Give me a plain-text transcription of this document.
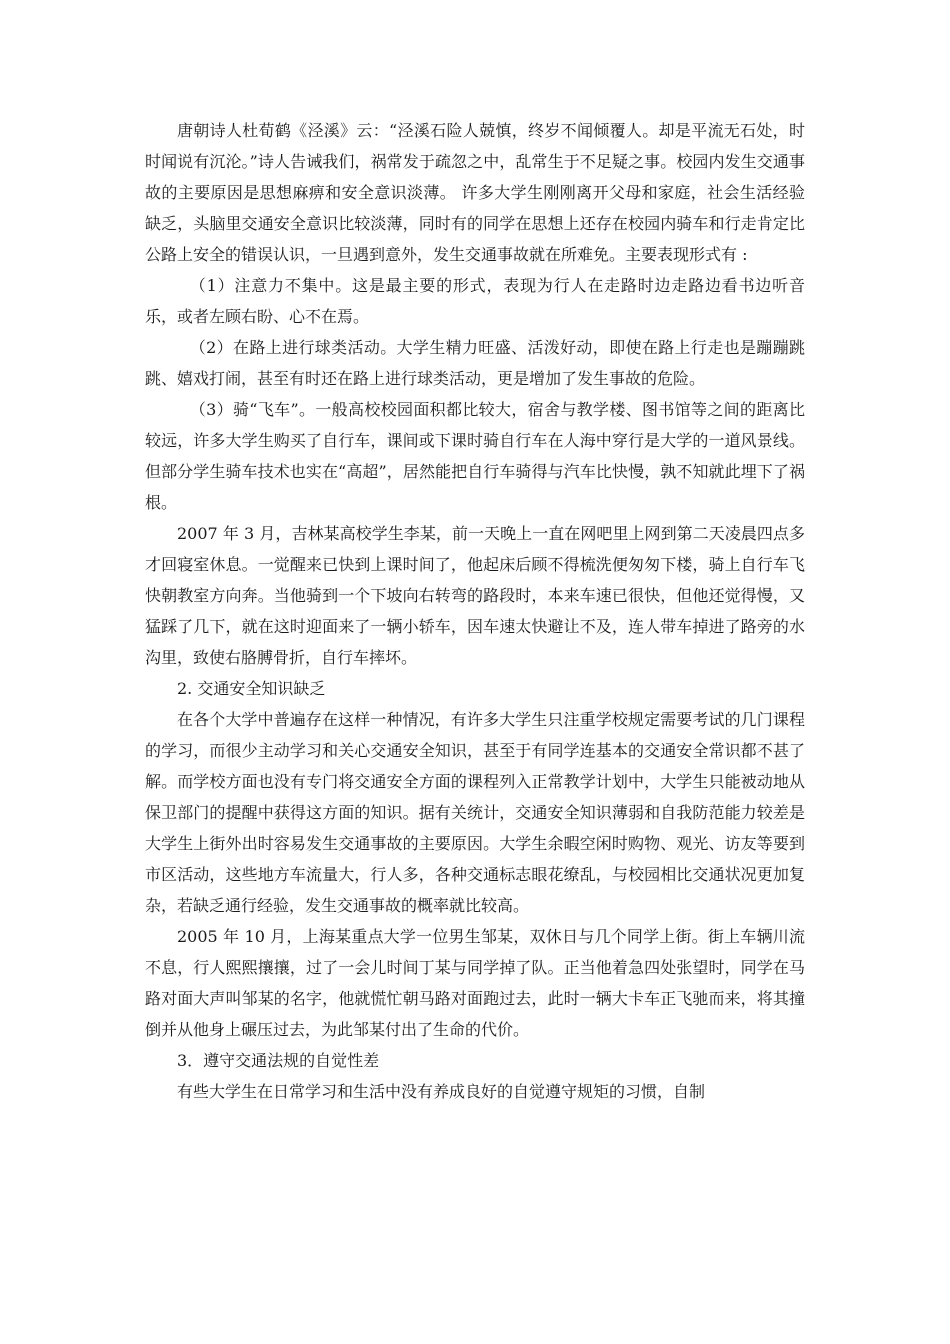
唐朝诗人杜荀鹤《泾溪》云：“泾溪石险人兢慎，终岁不闻倾覆人。却是平流无石处，时时闻说有沉沦。”诗人告诫我们，祸常发于疏忽之中，乱常生于不足疑之事。校园内发生交通事故的主要原因是思想麻痹和安全意识淡薄。 许多大学生刚刚离开父母和家庭，社会生活经验缺乏，头脑里交通安全意识比较淡薄，同时有的同学在思想上还存在校园内骑车和行走肯定比公路上安全的错误认识，一旦遇到意外，发生交通事故就在所难免。主要表现形式有 :

（1）注意力不集中。这是最主要的形式，表现为行人在走路时边走路边看书边听音乐，或者左顾右盼、心不在焉。

（2）在路上进行球类活动。大学生精力旺盛、活泼好动，即使在路上行走也是蹦蹦跳跳、嬉戏打闹，甚至有时还在路上进行球类活动，更是增加了发生事故的危险。

（3）骑“飞车”。一般高校校园面积都比较大，宿舍与教学楼、图书馆等之间的距离比较远，许多大学生购买了自行车，课间或下课时骑自行车在人海中穿行是大学的一道风景线。但部分学生骑车技术也实在“高超”，居然能把自行车骑得与汽车比快慢，孰不知就此埋下了祸根。

2007 年 3 月，吉林某高校学生李某，前一天晚上一直在网吧里上网到第二天凌晨四点多才回寝室休息。一觉醒来已快到上课时间了，他起床后顾不得梳洗便匆匆下楼，骑上自行车飞快朝教室方向奔。当他骑到一个下坡向右转弯的路段时，本来车速已很快，但他还觉得慢，又猛踩了几下，就在这时迎面来了一辆小轿车，因车速太快避让不及，连人带车掉进了路旁的水沟里，致使右胳膊骨折，自行车摔坏。

2. 交通安全知识缺乏

在各个大学中普遍存在这样一种情况，有许多大学生只注重学校规定需要考试的几门课程的学习，而很少主动学习和关心交通安全知识，甚至于有同学连基本的交通安全常识都不甚了解。而学校方面也没有专门将交通安全方面的课程列入正常教学计划中，大学生只能被动地从保卫部门的提醒中获得这方面的知识。据有关统计，交通安全知识薄弱和自我防范能力较差是大学生上街外出时容易发生交通事故的主要原因。大学生余暇空闲时购物、观光、访友等要到市区活动，这些地方车流量大，行人多，各种交通标志眼花缭乱，与校园相比交通状况更加复杂，若缺乏通行经验，发生交通事故的概率就比较高。

2005 年 10 月，上海某重点大学一位男生邹某，双休日与几个同学上街。街上车辆川流不息，行人熙熙攘攘，过了一会儿时间丁某与同学掉了队。正当他着急四处张望时，同学在马路对面大声叫邹某的名字，他就慌忙朝马路对面跑过去，此时一辆大卡车正飞驰而来，将其撞倒并从他身上碾压过去，为此邹某付出了生命的代价。

3．遵守交通法规的自觉性差

有些大学生在日常学习和生活中没有养成良好的自觉遵守规矩的习惯，自制
